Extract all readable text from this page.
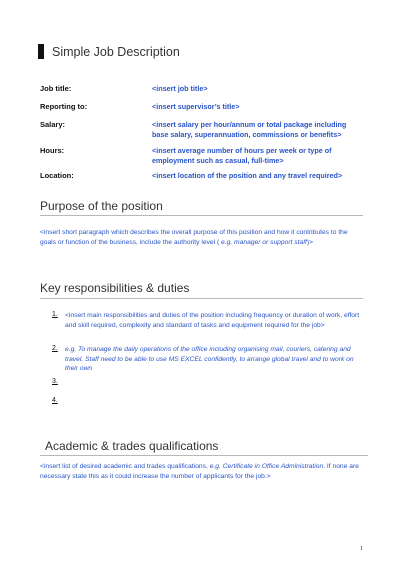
Simple Job Description
Job title:	<insert job title>
Reporting to:	<insert supervisor’s title>
Salary:	<insert salary per hour/annum or total package including base salary, superannuation, commissions or benefits>
Hours:	<insert average number of hours per week or type of employment such as casual, full-time>
Location:	<insert location of the position and any travel required>
Purpose of the position
<insert short paragraph which describes the overall purpose of this position and how it contributes to the goals or function of the business, include the authority level ( e.g. manager or support staff)>
Key responsibilities & duties
1. <insert main responsibilities and duties of the position including frequency or duration of work, effort and skill required, complexity and standard of tasks and equipment required for the job>
2. e.g. To manage the daily operations of the office including organising mail, couriers, catering and travel. Staff need to be able to use MS EXCEL confidently, to arrange global travel and to work on their own
3.
4.
Academic & trades qualifications
<insert list of desired academic and trades qualifications, e.g. Certificate in Office Administration. If none are necessary state this as it could increase the number of applicants for the job.>
1
